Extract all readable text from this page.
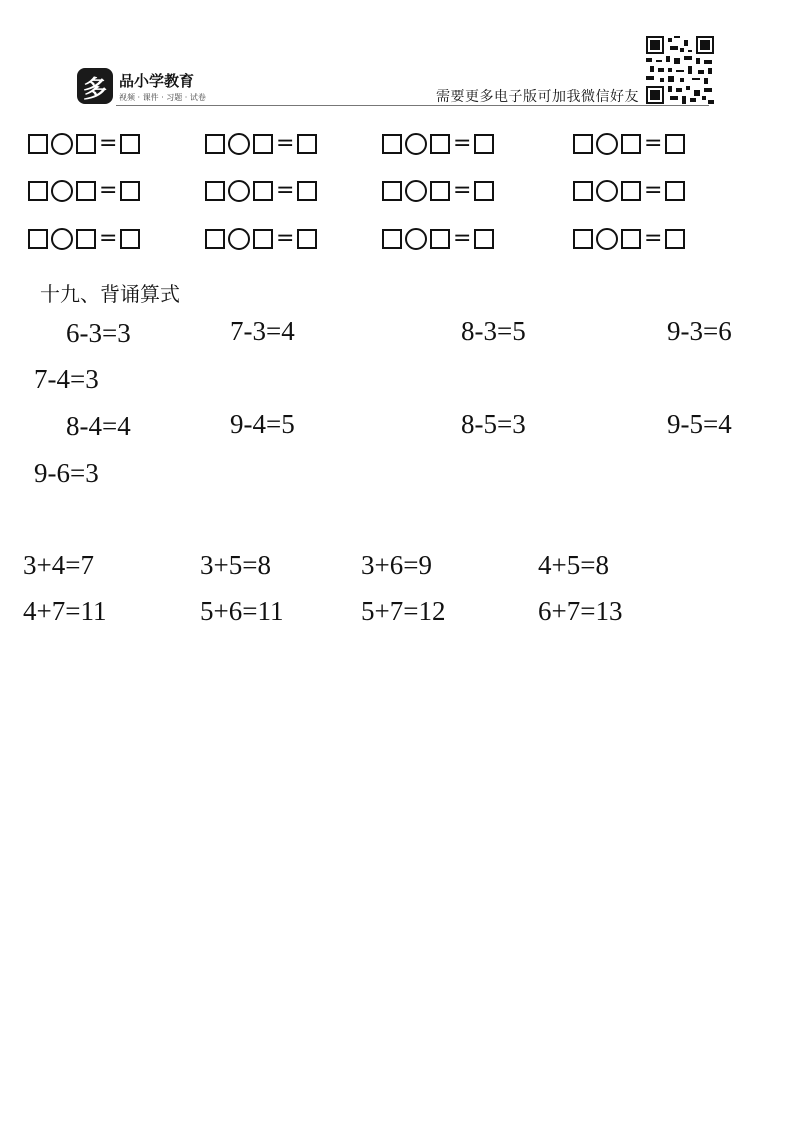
多 品小学教育
视频 · 课件 · 习题 · 试卷	需要更多电子版可加我微信好友
=	=	=	=
=	=	=	=
=	=	=	=
十九、背诵算式
6-3=3	7-3=4	8-3=5	9-3=6
7-4=3
8-4=4	9-4=5	8-5=3	9-5=4
9-6=3
3+4=7	3+5=8	3+6=9	4+5=8
4+7=11	5+6=11	5+7=12	6+7=13
